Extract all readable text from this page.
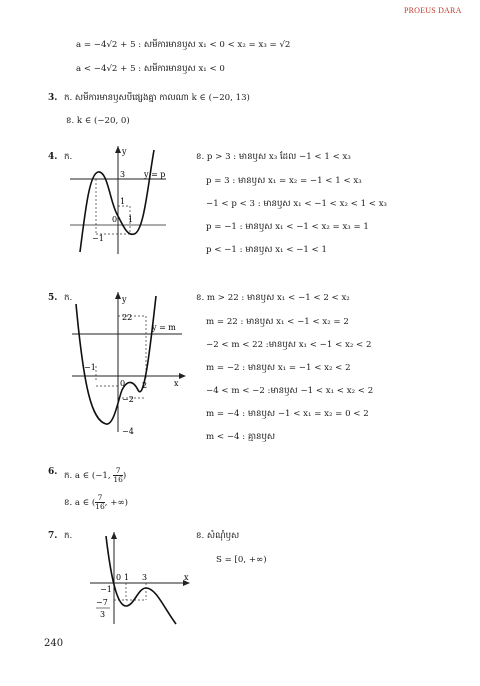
PROEUS DARA
a = −4√2 + 5 : សមីការមានឫស x₁ < 0 < x₂ = x₃ = √2
a < −4√2 + 5 : សមីការមានឫស x₁ < 0
3. ក. សមីការមានឫសបីផ្សេងគ្នា កាលណា k ∈ (−20, 13)
ខ. k ∈ (−20, 0)
4. ក.
y
3 y = p
1
0 1
−1
ខ. p > 3 : មានឫស x₃ ដែល −1 < 1 < x₃
p = 3 : មានឫស x₁ = x₂ = −1 < 1 < x₃
−1 < p < 3 : មានឫស x₁ < −1 < x₂ < 1 < x₃
p = −1 : មានឫស x₁ < −1 < x₂ = x₃ = 1
p < −1 : មានឫស x₁ < −1 < 1
5. ក.	y
22
y = m
x
−1
0 2
−2
−4
ខ. m > 22 : មានឫស x₁ < −1 < 2 < x₂
m = 22 : មានឫស x₁ < −1 < x₂ = 2
−2 < m < 22 :មានឫស x₁ < −1 < x₂ < 2
m = −2 : មានឫស x₁ = −1 < x₂ < 2
−4 < m < −2 :មានឫស −1 < x₁ < x₂ < 2
m = −4 : មានឫស −1 < x₁ = x₂ = 0 < 2
m < −4 : គ្មានឫស
6. ក. a ∈ (−1, $\frac{7}{16}$ )
ខ. a ∈ ( $\frac{7}{16}$ , +∞)
7. ក.
x
0 1 3
−1
−7
3
ខ. សំណុំឫស
S = [0, +∞)
240
